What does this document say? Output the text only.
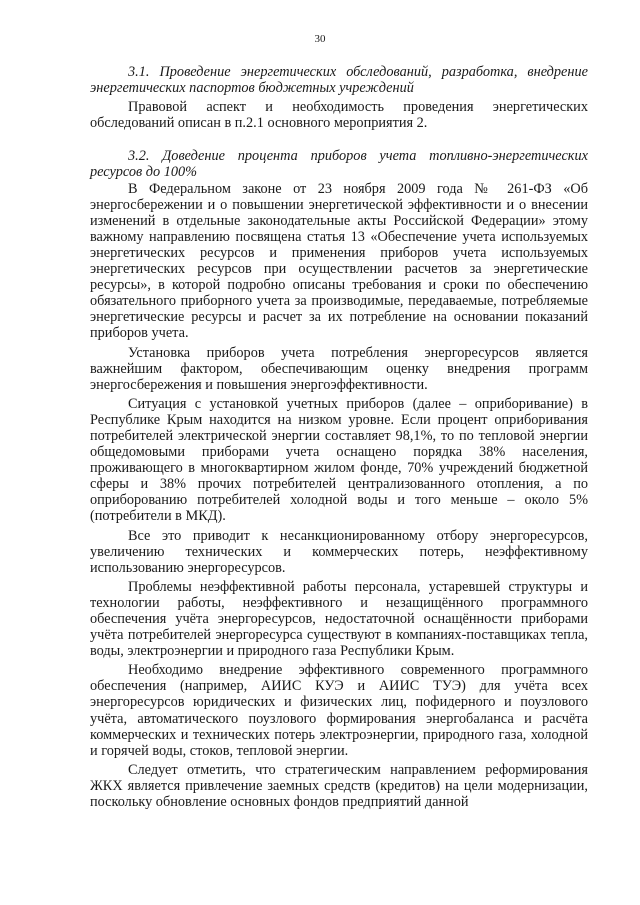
30

3.1. Проведение энергетических обследований, разработка, внедрение энергетических паспортов бюджетных учреждений

Правовой аспект и необходимость проведения энергетических обследований описан в п.2.1 основного мероприятия 2.

3.2. Доведение процента приборов учета топливно-энергетических ресурсов до 100%

В Федеральном законе от 23 ноября 2009 года № 261-ФЗ «Об энергосбережении и о повышении энергетической эффективности и о внесении изменений в отдельные законодательные акты Российской Федерации» этому важному направлению посвящена статья 13 «Обеспечение учета используемых энергетических ресурсов и применения приборов учета используемых энергетических ресурсов при осуществлении расчетов за энергетические ресурсы», в которой подробно описаны требования и сроки по обеспечению обязательного приборного учета за производимые, передаваемые, потребляемые энергетические ресурсы и расчет за их потребление на основании показаний приборов учета.

Установка приборов учета потребления энергоресурсов является важнейшим фактором, обеспечивающим оценку внедрения программ энергосбережения и повышения энергоэффективности.

Ситуация с установкой учетных приборов (далее – оприборивание) в Республике Крым находится на низком уровне. Если процент оприборивания потребителей электрической энергии составляет 98,1%, то по тепловой энергии общедомовыми приборами учета оснащено порядка 38% населения, проживающего в многоквартирном жилом фонде, 70% учреждений бюджетной сферы и 38% прочих потребителей централизованного отопления, а по оприборованию потребителей холодной воды и того меньше – около 5% (потребители в МКД).

Все это приводит к несанкционированному отбору энергоресурсов, увеличению технических и коммерческих потерь, неэффективному использованию энергоресурсов.

Проблемы неэффективной работы персонала, устаревшей структуры и технологии работы, неэффективного и незащищённого программного обеспечения учёта энергоресурсов, недостаточной оснащённости приборами учёта потребителей энергоресурса существуют в компаниях-поставщиках тепла, воды, электроэнергии и природного газа Республики Крым.

Необходимо внедрение эффективного современного программного обеспечения (например, АИИС КУЭ и АИИС ТУЭ) для учёта всех энергоресурсов юридических и физических лиц, пофидерного и поузлового учёта, автоматического поузлового формирования энергобаланса и расчёта коммерческих и технических потерь электроэнергии, природного газа, холодной и горячей воды, стоков, тепловой энергии.

Следует отметить, что стратегическим направлением реформирования ЖКХ является привлечение заемных средств (кредитов) на цели модернизации, поскольку обновление основных фондов предприятий данной
